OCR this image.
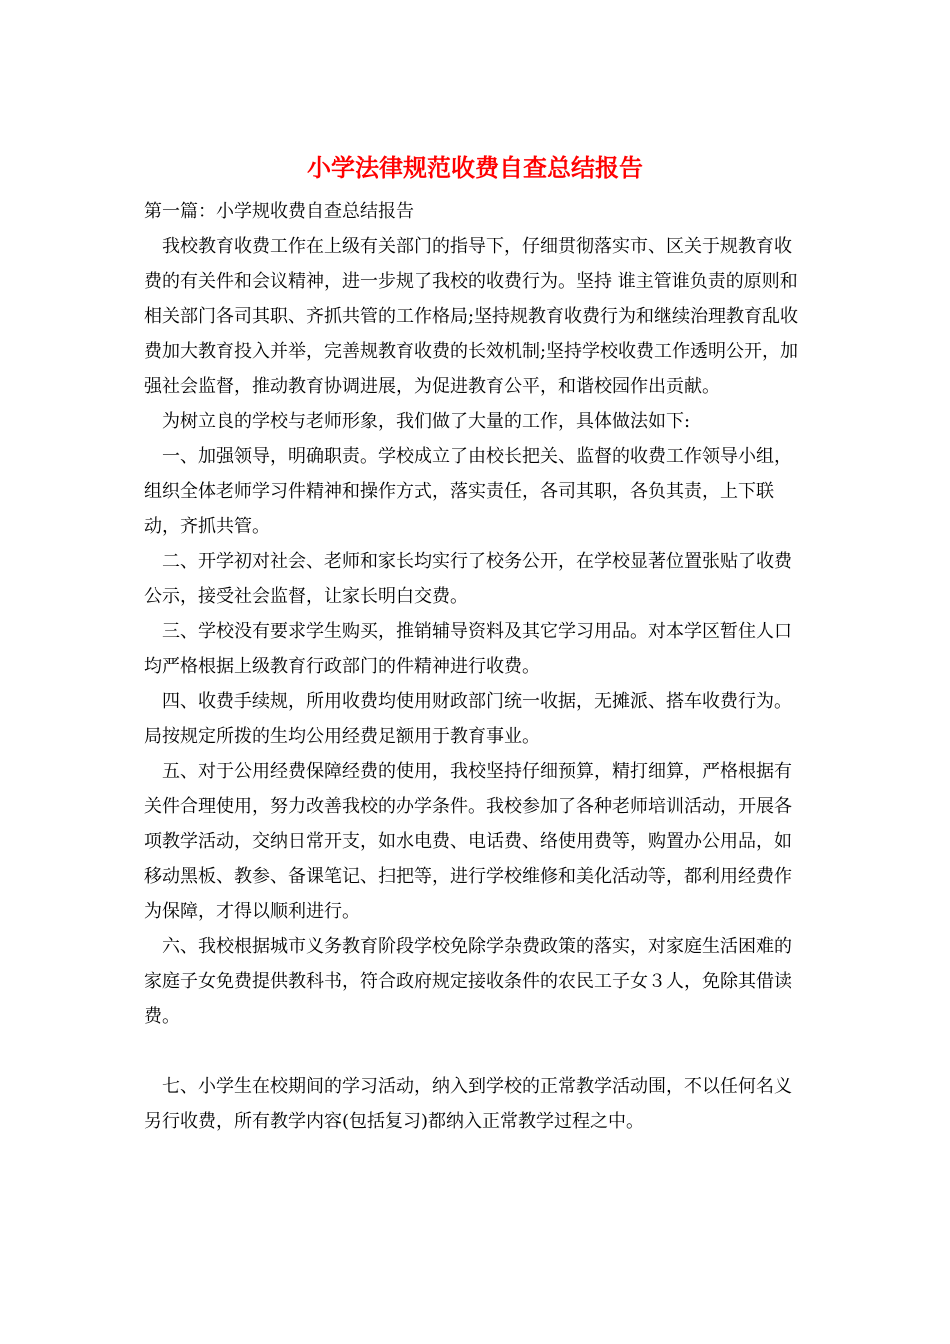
小学法律规范收费自查总结报告

第一篇：小学规收费自查总结报告

我校教育收费工作在上级有关部门的指导下，仔细贯彻落实市、区关于规教育收费的有关件和会议精神，进一步规了我校的收费行为。坚持 谁主管谁负责的原则和相关部门各司其职、齐抓共管的工作格局;坚持规教育收费行为和继续治理教育乱收费加大教育投入并举，完善规教育收费的长效机制;坚持学校收费工作透明公开，加强社会监督，推动教育协调进展，为促进教育公平，和谐校园作出贡献。

为树立良的学校与老师形象，我们做了大量的工作，具体做法如下:

一、加强领导，明确职责。学校成立了由校长把关、监督的收费工作领导小组，组织全体老师学习件精神和操作方式，落实责任，各司其职，各负其责，上下联动，齐抓共管。

二、开学初对社会、老师和家长均实行了校务公开，在学校显著位置张贴了收费公示，接受社会监督，让家长明白交费。

三、学校没有要求学生购买，推销辅导资料及其它学习用品。对本学区暂住人口均严格根据上级教育行政部门的件精神进行收费。

四、收费手续规，所用收费均使用财政部门统一收据，无摊派、搭车收费行为。局按规定所拨的生均公用经费足额用于教育事业。

五、对于公用经费保障经费的使用，我校坚持仔细预算，精打细算，严格根据有关件合理使用，努力改善我校的办学条件。我校参加了各种老师培训活动，开展各项教学活动，交纳日常开支，如水电费、电话费、络使用费等，购置办公用品，如移动黑板、教参、备课笔记、扫把等，进行学校维修和美化活动等，都利用经费作为保障，才得以顺利进行。

六、我校根据城市义务教育阶段学校免除学杂费政策的落实，对家庭生活困难的家庭子女免费提供教科书，符合政府规定接收条件的农民工子女３人，免除其借读费。

七、小学生在校期间的学习活动，纳入到学校的正常教学活动围，不以任何名义另行收费，所有教学内容(包括复习)都纳入正常教学过程之中。
